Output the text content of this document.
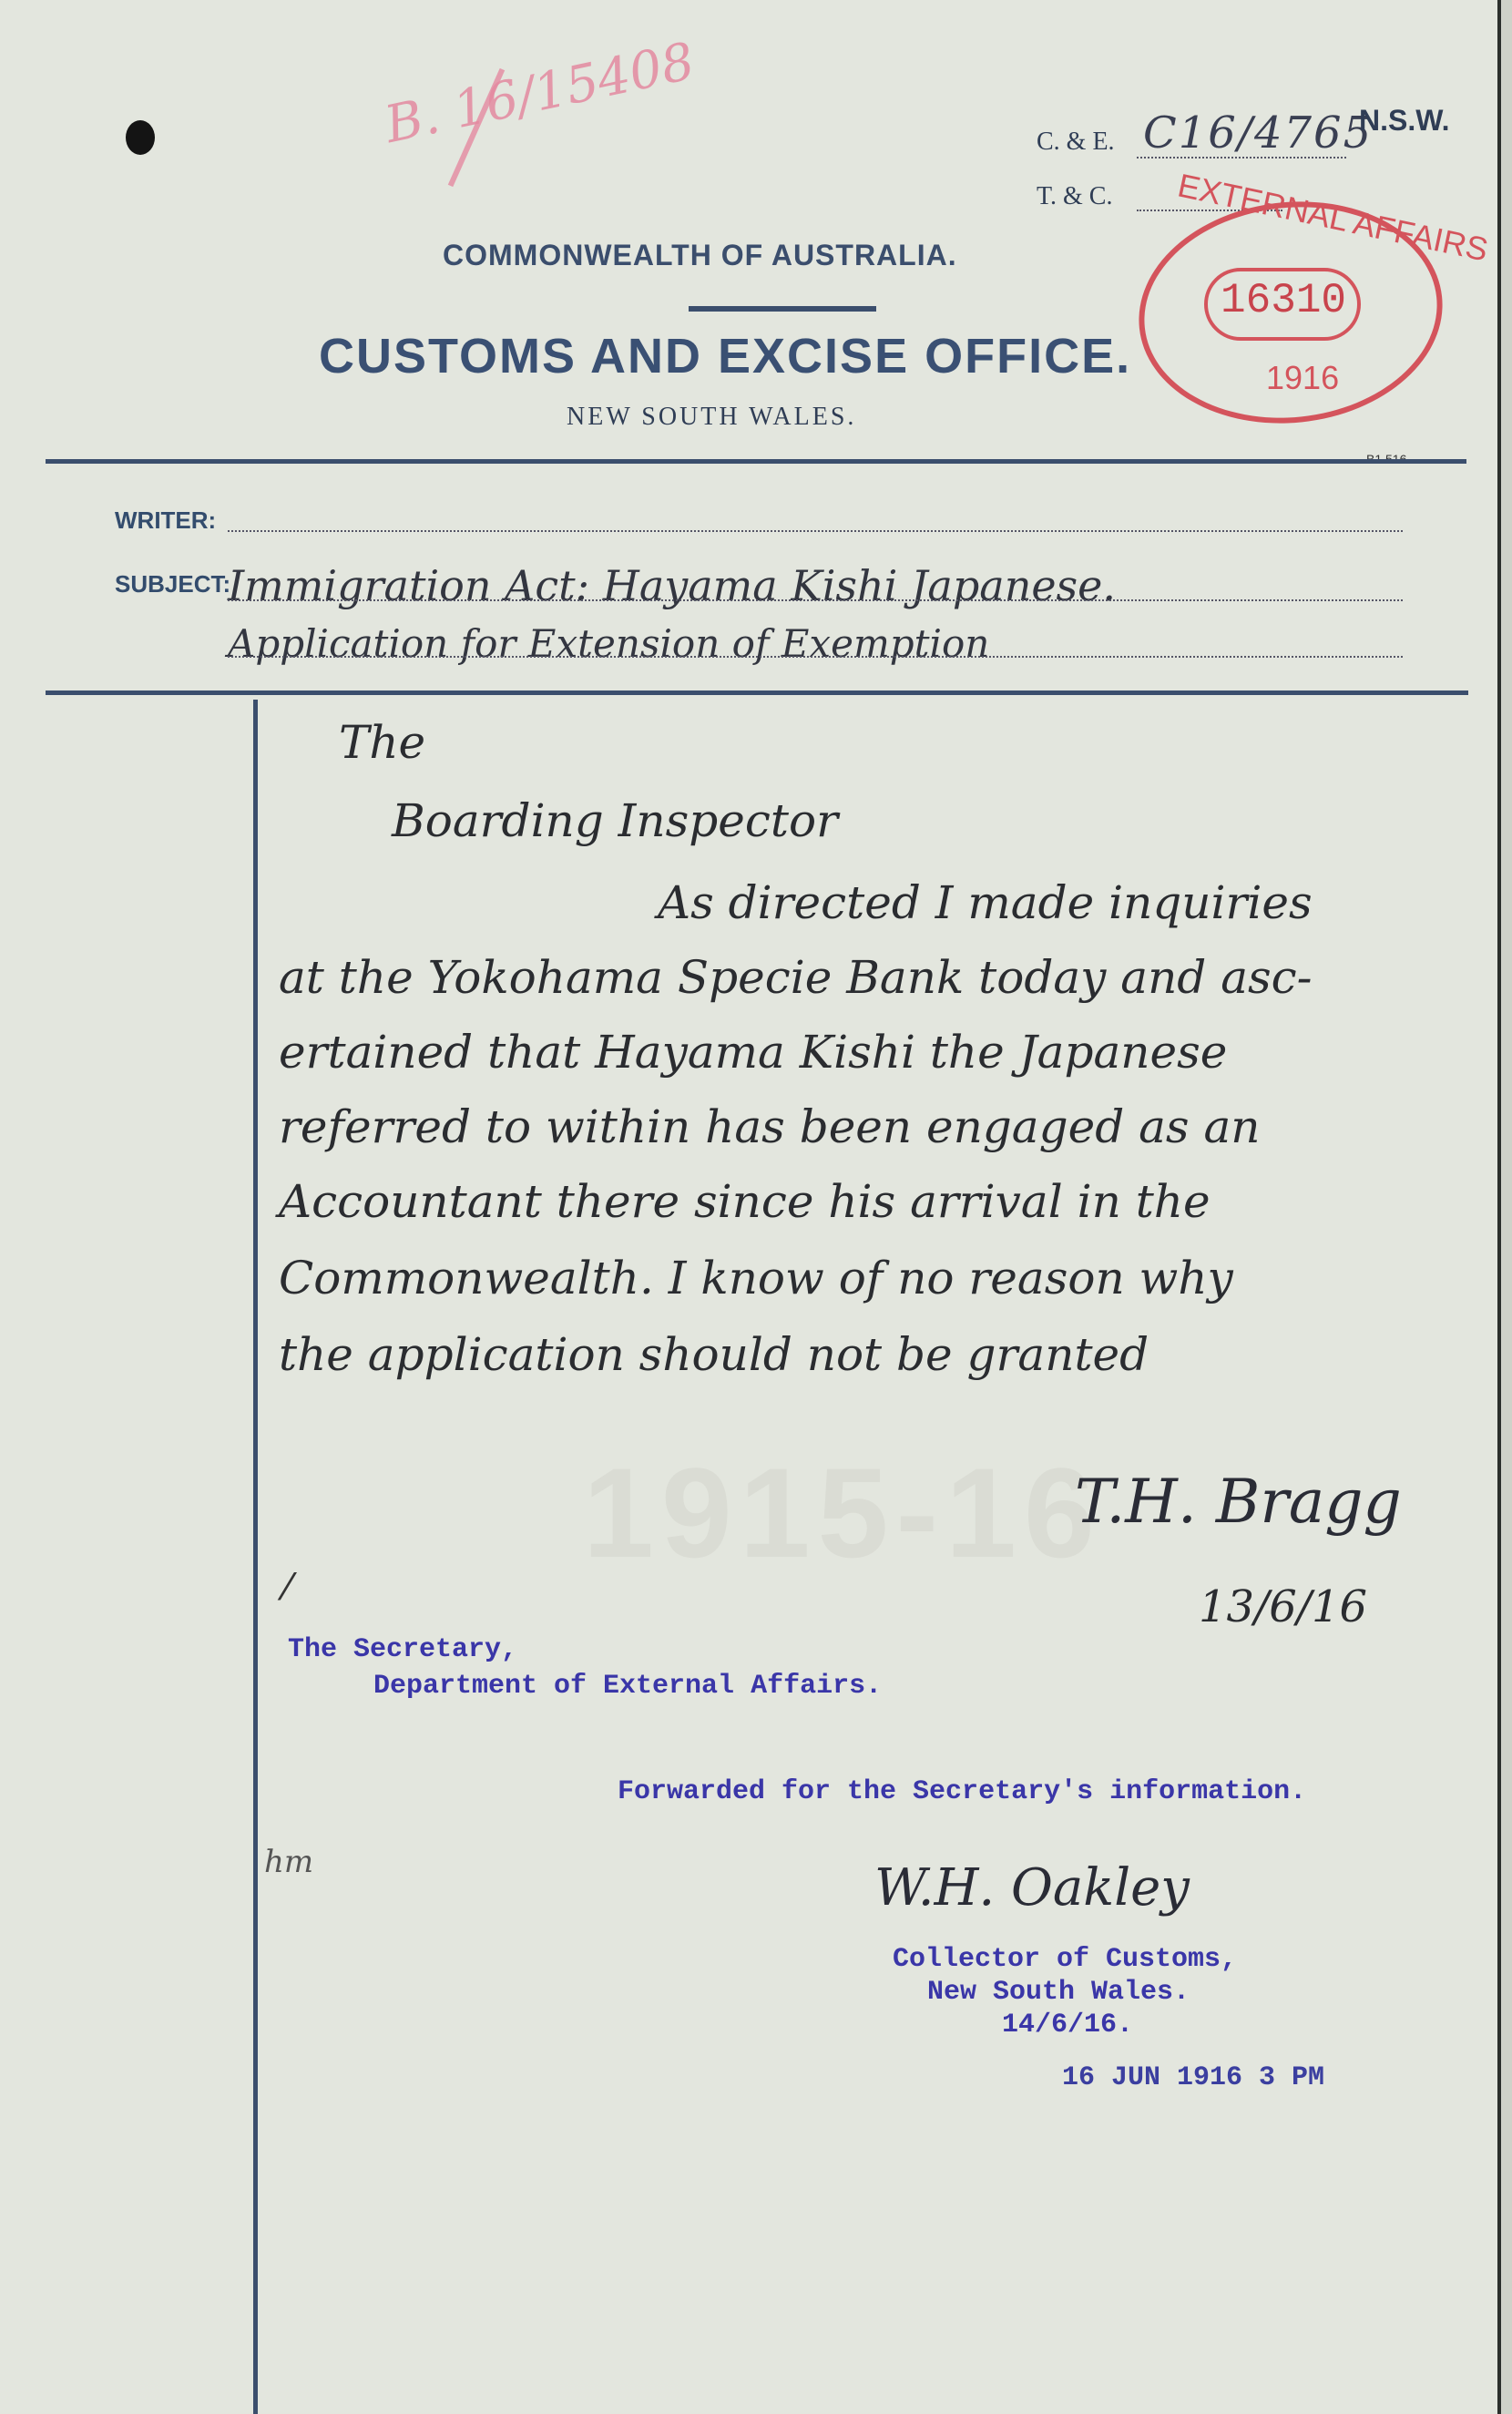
B. 16/15408	C. & E. C16/4765
T. & C.
N.S.W.
COMMONWEALTH OF AUSTRALIA.
CUSTOMS AND EXCISE OFFICE.
NEW SOUTH WALES.
EXTERNAL AFFAIRS
16310
1916
WRITER:
SUBJECT:
Immigration Act: Hayama Kishi Japanese.
Application for Extension of Exemption
1915-16
The
Boarding Inspector
As directed I made inquiries
at the Yokohama Specie Bank today and asc-
ertained that Hayama Kishi the Japanese
referred to within has been engaged as an
Accountant there since his arrival in the
Commonwealth. I know of no reason why
the application should not be granted
T.H. Bragg
13/6/16
⁄
The Secretary,
Department of External Affairs.
Forwarded for the Secretary's information.
hm	W.H. Oakley
Collector of Customs,
New South Wales.
14/6/16.
16 JUN 1916 3 PM
